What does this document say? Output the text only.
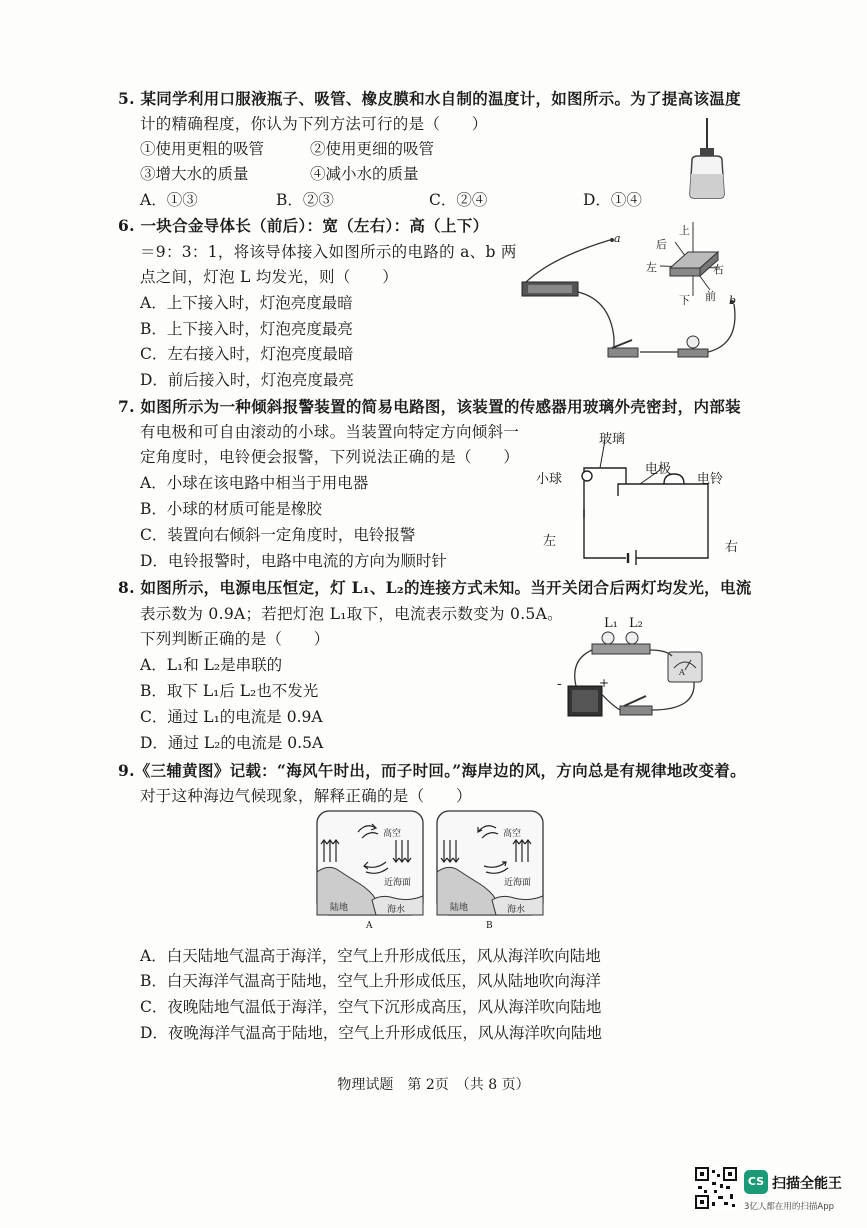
5. 某同学利用口服液瓶子、吸管、橡皮膜和水自制的温度计，如图所示。为了提高该温度
计的精确程度，你认为下列方法可行的是（　　）
①使用更粗的吸管	②使用更细的吸管
③增大水的质量	④减小水的质量
A．①③	B．②③	C．②④	D．①④
6. 一块合金导体长（前后）：宽（左右）：高（上下）
＝9：3：1，将该导体接入如图所示的电路的 a、b 两
点之间，灯泡 L 均发光，则（　　）
A．上下接入时，灯泡亮度最暗
B．上下接入时，灯泡亮度最亮
C．左右接入时，灯泡亮度最暗
D．前后接入时，灯泡亮度最亮
a
b
上
后
左	右
下 前
7. 如图所示为一种倾斜报警装置的简易电路图，该装置的传感器用玻璃外壳密封，内部装
有电极和可自由滚动的小球。当装置向特定方向倾斜一
定角度时，电铃便会报警，下列说法正确的是（　　）
A．小球在该电路中相当于用电器
B．小球的材质可能是橡胶
C．装置向右倾斜一定角度时，电铃报警
D．电铃报警时，电路中电流的方向为顺时针
玻璃
电极
小球	电铃
左	右
8. 如图所示，电源电压恒定，灯 L₁、L₂的连接方式未知。当开关闭合后两灯均发光，电流
表示数为 0.9A；若把灯泡 L₁取下，电流表示数变为 0.5A。
下列判断正确的是（　　）
A．L₁和 L₂是串联的
B．取下 L₁后 L₂也不发光
C．通过 L₁的电流是 0.9A
D．通过 L₂的电流是 0.5A
L₁ L₂
-	+
A
9.《三辅黄图》记载：“海风午时出，而子时回。”海岸边的风，方向总是有规律地改变着。
对于这种海边气候现象，解释正确的是（　　）
高空
近海面
陆地	海水
A
高空
近海面
陆地	海水
B
A．白天陆地气温高于海洋，空气上升形成低压，风从海洋吹向陆地
B．白天海洋气温高于陆地，空气上升形成低压，风从陆地吹向海洋
C．夜晚陆地气温低于海洋，空气下沉形成高压，风从海洋吹向陆地
D．夜晚海洋气温高于陆地，空气上升形成低压，风从海洋吹向陆地
物理试题　第 2页　（共 8 页）
CS 扫描全能王
3亿人都在用的扫描App
